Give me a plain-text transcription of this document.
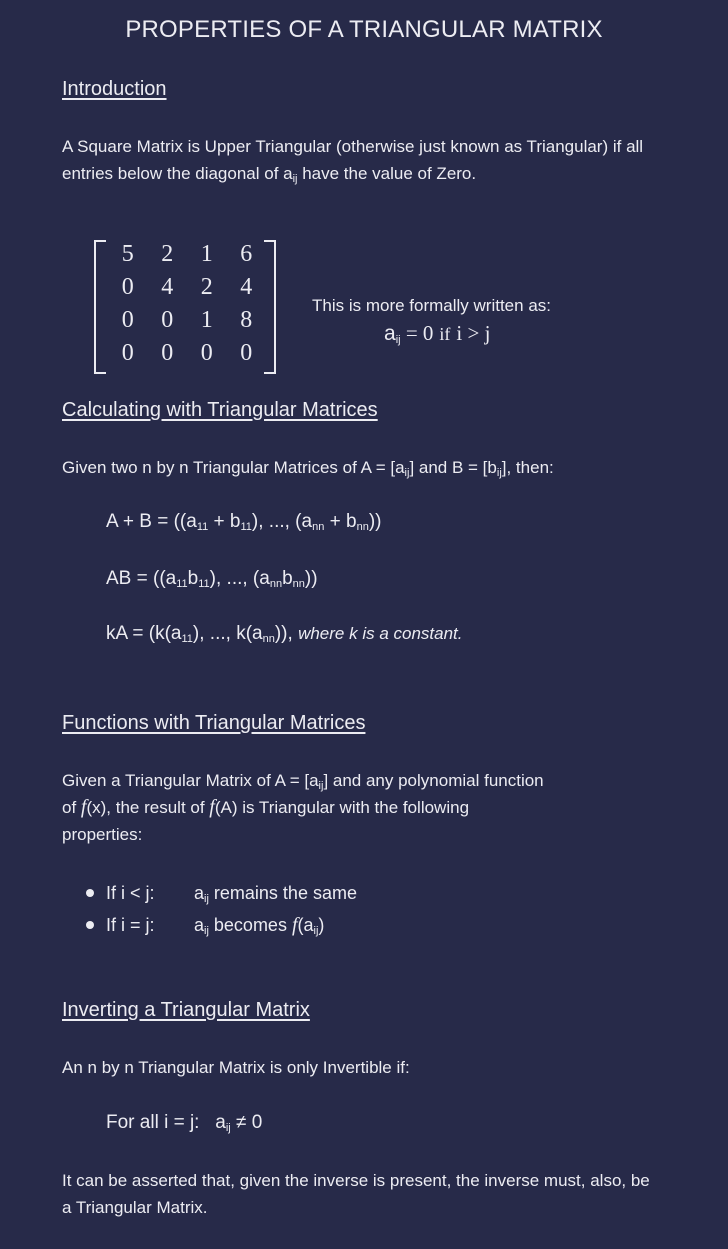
PROPERTIES OF A TRIANGULAR MATRIX
Introduction
A Square Matrix is Upper Triangular (otherwise just known as Triangular) if all entries below the diagonal of $a_{ij}$ have the value of Zero.
5	2	1	6
0	4	2	4
0	0	1	8
0	0	0	0
This is more formally written as:
$a_{ij} = 0$ if i > j
Calculating with Triangular Matrices
Given two n by n Triangular Matrices of $A = [a_{ij}]$ and $B = [b_{ij}]$, then:
$A + B = ((a_{11} + b_{11})$, ..., $(a_{nn} + b_{nn})$)
AB = ($(a_{11}b_{11})$, ..., $(a_{nn}b_{nn})$)
kA = ($k(a_{11})$, ..., $k(a_{nn})$), where k is a constant.
Functions with Triangular Matrices
Given a Triangular Matrix of $A = [a_{ij}]$ and any polynomial function
of f(x), the result of f(A) is Triangular with the following
properties:
If i < j: $a_{ij}$ remains the same
If i = j: $a_{ij}$ becomes $f(a_{ij})$
Inverting a Triangular Matrix
An n by n Triangular Matrix is only Invertible if:
For all i = j:   $a_{ij} \ne 0$
It can be asserted that, given the inverse is present, the inverse must, also, be a Triangular Matrix.
